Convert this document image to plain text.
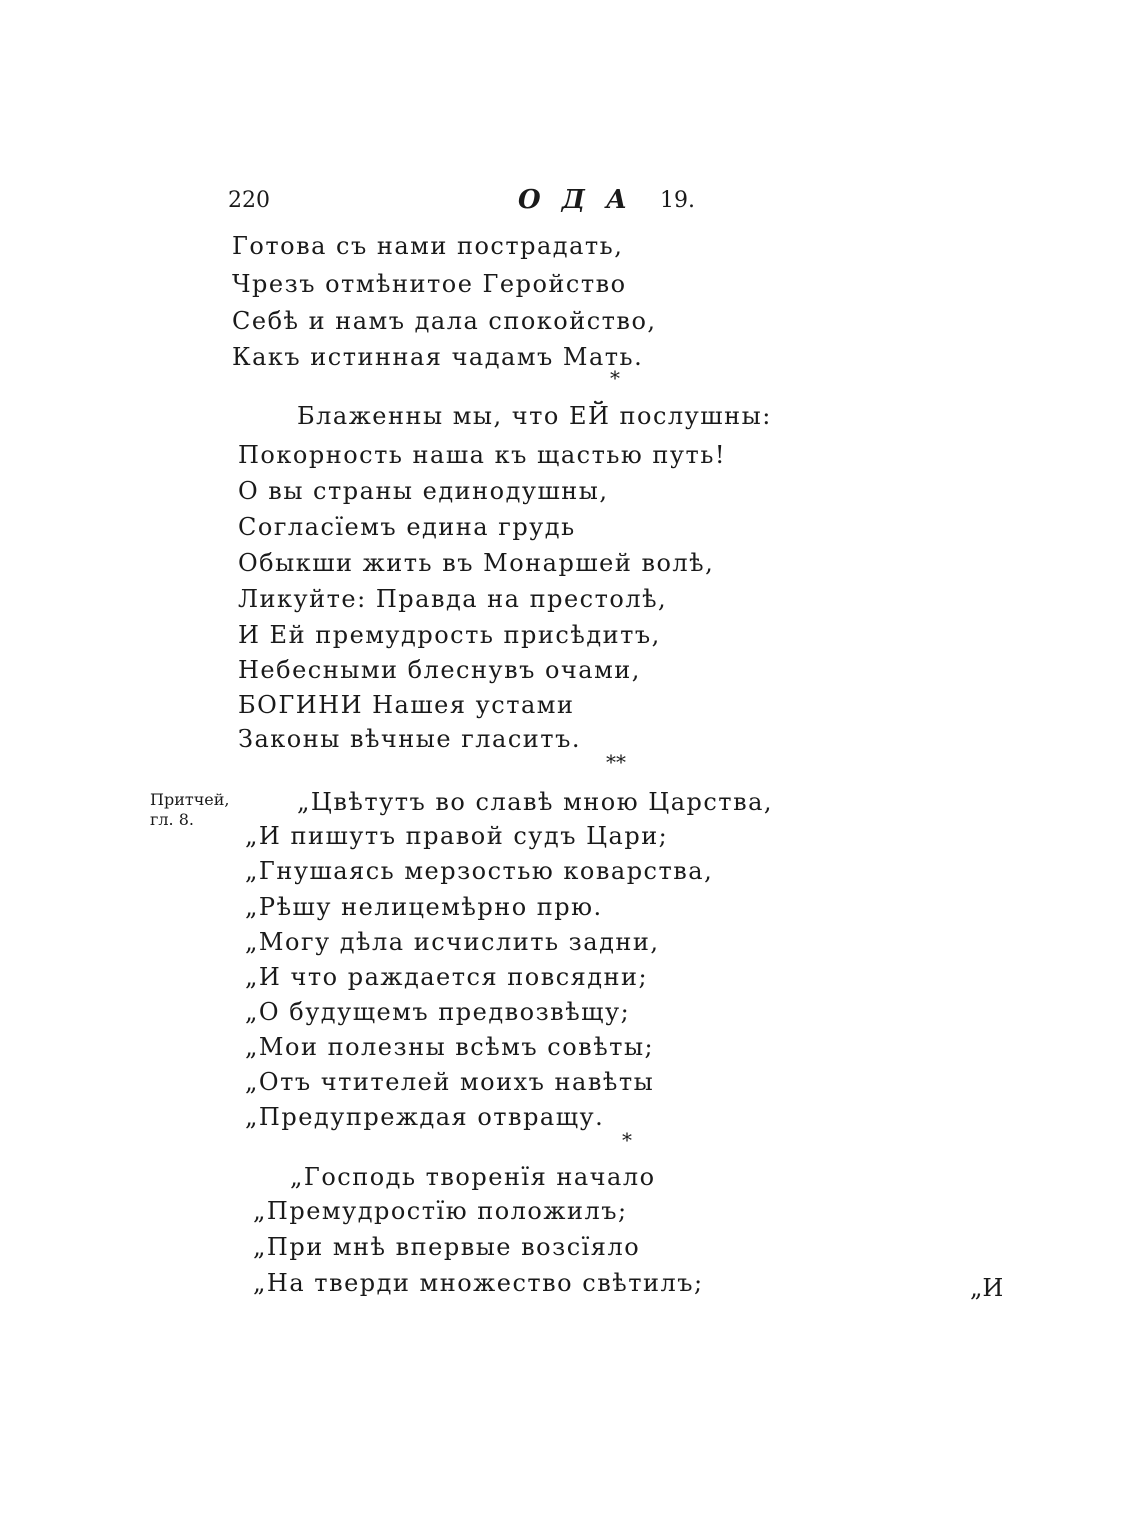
220	О Д А 19.
Готова съ нами пострадать,
Чрезъ отмѣнитое Геройство
Себѣ и намъ дала спокойство,
Какъ истинная чадамъ Мать.
*
Блаженны мы, что ЕЙ послушны:
Покорность наша къ щастью путь!
О вы страны единодушны,
Согласїемъ едина грудь
Обыкши жить въ Монаршей волѣ,
Ликуйте: Правда на престолѣ,
И Ей премудрость присѣдитъ,
Небесными блеснувъ очами,
БОГИНИ Нашея устами
Законы вѣчные гласитъ.
**
Притчей,
гл. 8.
„Цвѣтутъ во славѣ мною Царства,
„И пишутъ правой судъ Цари;
„Гнушаясь мерзостью коварства,
„Рѣшу нелицемѣрно прю.
„Могу дѣла исчислить задни,
„И что раждается повсядни;
„О будущемъ предвозвѣщу;
„Мои полезны всѣмъ совѣты;
„Отъ чтителей моихъ навѣты
„Предупреждая отвращу.
*
„Господь творенїя начало
„Премудростїю положилъ;
„При мнѣ впервые возсїяло
„На тверди множество свѣтилъ;	„И
